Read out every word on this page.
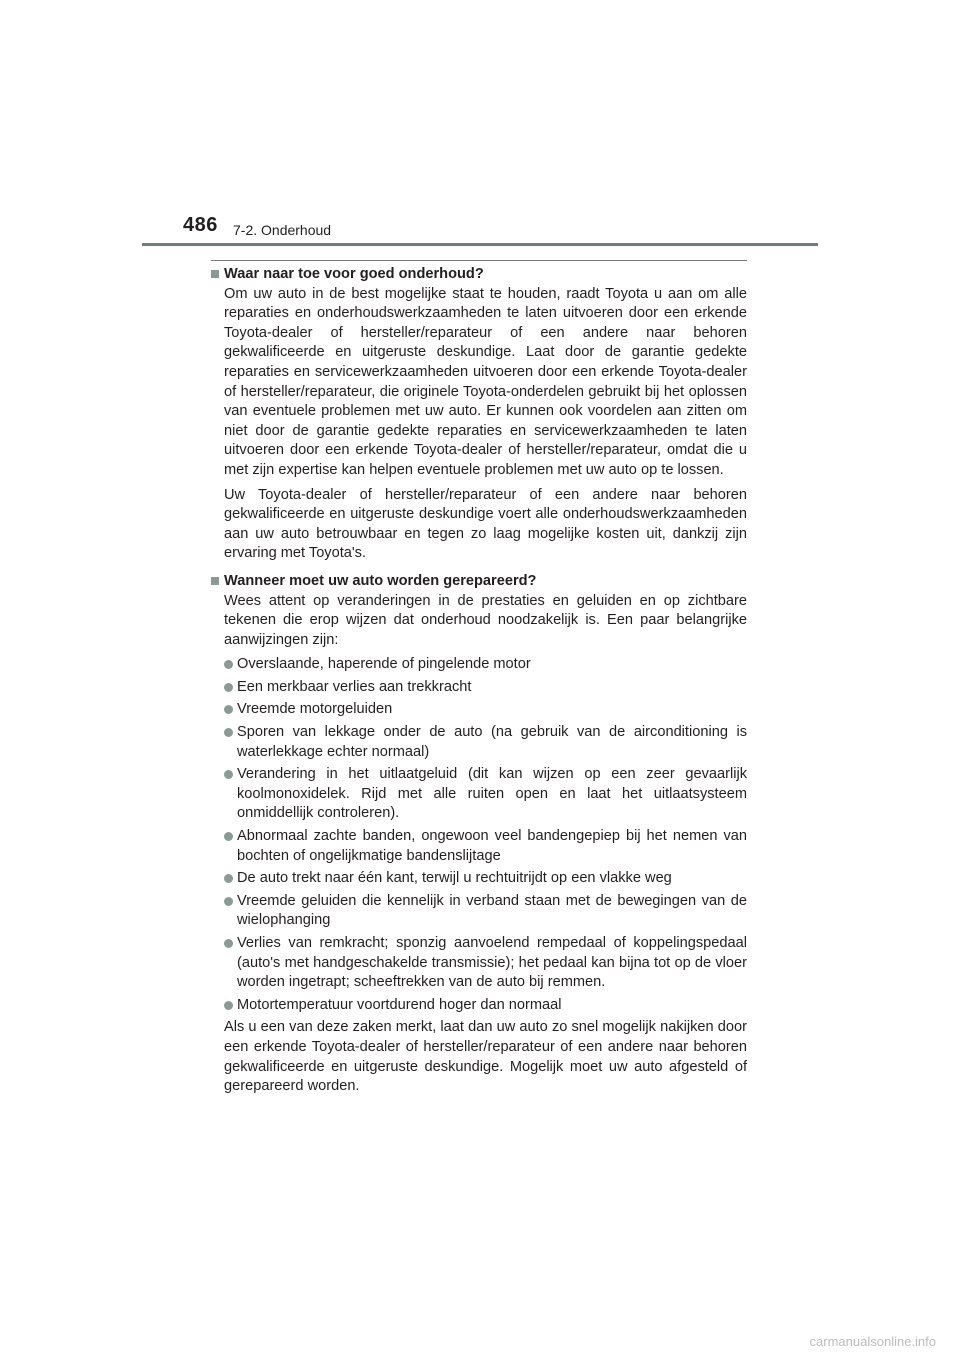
486 7-2. Onderhoud
Waar naar toe voor goed onderhoud?

Om uw auto in de best mogelijke staat te houden, raadt Toyota u aan om alle reparaties en onderhoudswerkzaamheden te laten uitvoeren door een erkende Toyota-dealer of hersteller/reparateur of een andere naar behoren gekwalificeerde en uitgeruste deskundige. Laat door de garantie gedekte reparaties en servicewerkzaamheden uitvoeren door een erkende Toyota-dealer of hersteller/reparateur, die originele Toyota-onderdelen gebruikt bij het oplossen van eventuele problemen met uw auto. Er kunnen ook voordelen aan zitten om niet door de garantie gedekte reparaties en servicewerkzaamheden te laten uitvoeren door een erkende Toyota-dealer of hersteller/reparateur, omdat die u met zijn expertise kan helpen eventuele problemen met uw auto op te lossen.

Uw Toyota-dealer of hersteller/reparateur of een andere naar behoren gekwalificeerde en uitgeruste deskundige voert alle onderhoudswerkzaamheden aan uw auto betrouwbaar en tegen zo laag mogelijke kosten uit, dankzij zijn ervaring met Toyota's.

Wanneer moet uw auto worden gerepareerd?

Wees attent op veranderingen in de prestaties en geluiden en op zichtbare tekenen die erop wijzen dat onderhoud noodzakelijk is. Een paar belangrijke aanwijzingen zijn:

Overslaande, haperende of pingelende motor
Een merkbaar verlies aan trekkracht
Vreemde motorgeluiden
Sporen van lekkage onder de auto (na gebruik van de airconditioning is waterlekkage echter normaal)
Verandering in het uitlaatgeluid (dit kan wijzen op een zeer gevaarlijk koolmonoxidelek. Rijd met alle ruiten open en laat het uitlaatsysteem onmiddellijk controleren).
Abnormaal zachte banden, ongewoon veel bandengepiep bij het nemen van bochten of ongelijkmatige bandenslijtage
De auto trekt naar één kant, terwijl u rechtuitrijdt op een vlakke weg
Vreemde geluiden die kennelijk in verband staan met de bewegingen van de wielophanging
Verlies van remkracht; sponzig aanvoelend rempedaal of koppelingspedaal (auto's met handgeschakelde transmissie); het pedaal kan bijna tot op de vloer worden ingetrapt; scheeftrekken van de auto bij remmen.
Motortemperatuur voortdurend hoger dan normaal

Als u een van deze zaken merkt, laat dan uw auto zo snel mogelijk nakijken door een erkende Toyota-dealer of hersteller/reparateur of een andere naar behoren gekwalificeerde en uitgeruste deskundige. Mogelijk moet uw auto afgesteld of gerepareerd worden.

carmanualsonline.info
